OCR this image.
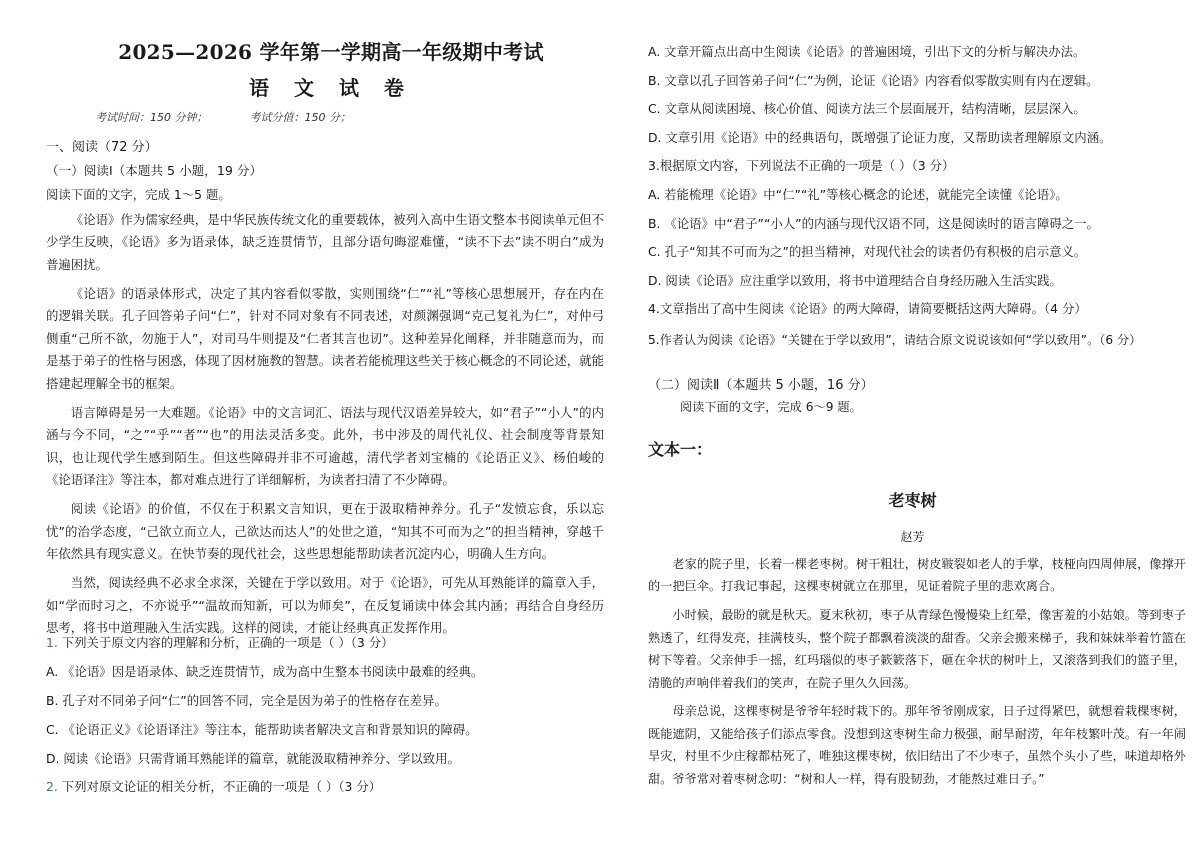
2025—2026 学年第一学期高一年级期中考试
语 文 试 卷
考试时间：150 分钟；	考试分值：150 分；
一、阅读（72 分）
（一）阅读Ⅰ（本题共 5 小题，19 分）
阅读下面的文字，完成 1～5 题。

《论语》作为儒家经典，是中华民族传统文化的重要载体，被列入高中生语文整本书阅读单元但不少学生反映，《论语》多为语录体，缺乏连贯情节，且部分语句晦涩难懂，“读不下去”读不明白”成为普遍困扰。

《论语》的语录体形式，决定了其内容看似零散，实则围绕“仁”“礼”等核心思想展开，存在内在的逻辑关联。孔子回答弟子问“仁”，针对不同对象有不同表述，对颜渊强调“克己复礼为仁”，对仲弓侧重“己所不欲，勿施于人”，对司马牛则提及“仁者其言也讱”。这种差异化阐释，并非随意而为，而是基于弟子的性格与困惑，体现了因材施教的智慧。读者若能梳理这些关于核心概念的不同论述，就能搭建起理解全书的框架。

语言障碍是另一大难题。《论语》中的文言词汇、语法与现代汉语差异较大，如“君子”“小人”的内涵与今不同，“之”“乎”“者”“也”的用法灵活多变。此外，书中涉及的周代礼仪、社会制度等背景知识，也让现代学生感到陌生。但这些障碍并非不可逾越，清代学者刘宝楠的《论语正义》、杨伯峻的《论语译注》等注本，都对难点进行了详细解析，为读者扫清了不少障碍。

阅读《论语》的价值，不仅在于积累文言知识，更在于汲取精神养分。孔子“发愤忘食，乐以忘忧”的治学态度，“己欲立而立人，己欲达而达人”的处世之道，“知其不可而为之”的担当精神，穿越千年依然具有现实意义。在快节奏的现代社会，这些思想能帮助读者沉淀内心，明确人生方向。

当然，阅读经典不必求全求深，关键在于学以致用。对于《论语》，可先从耳熟能详的篇章入手，如“学而时习之，不亦说乎”“温故而知新，可以为师矣”，在反复诵读中体会其内涵；再结合自身经历思考，将书中道理融入生活实践。这样的阅读，才能让经典真正发挥作用。

1. 下列关于原文内容的理解和分析，正确的一项是（ ）（3 分）
A. 《论语》因是语录体、缺乏连贯情节，成为高中生整本书阅读中最难的经典。
B. 孔子对不同弟子问“仁”的回答不同，完全是因为弟子的性格存在差异。
C. 《论语正义》《论语译注》等注本，能帮助读者解决文言和背景知识的障碍。
D. 阅读《论语》只需背诵耳熟能详的篇章，就能汲取精神养分、学以致用。
2. 下列对原文论证的相关分析，不正确的一项是（ ）（3 分）
A. 文章开篇点出高中生阅读《论语》的普遍困境，引出下文的分析与解决办法。
B. 文章以孔子回答弟子问“仁”为例，论证《论语》内容看似零散实则有内在逻辑。
C. 文章从阅读困境、核心价值、阅读方法三个层面展开，结构清晰，层层深入。
D. 文章引用《论语》中的经典语句，既增强了论证力度，又帮助读者理解原文内涵。
3.根据原文内容，下列说法不正确的一项是（ ）（3 分）
A. 若能梳理《论语》中“仁”“礼”等核心概念的论述，就能完全读懂《论语》。
B. 《论语》中“君子”“小人”的内涵与现代汉语不同，这是阅读时的语言障碍之一。
C. 孔子“知其不可而为之”的担当精神，对现代社会的读者仍有积极的启示意义。
D. 阅读《论语》应注重学以致用，将书中道理结合自身经历融入生活实践。
4.文章指出了高中生阅读《论语》的两大障碍，请简要概括这两大障碍。（4 分）
5.作者认为阅读《论语》“关键在于学以致用”，请结合原文说说该如何“学以致用”。（6 分）
（二）阅读Ⅱ（本题共 5 小题，16 分）
阅读下面的文字，完成 6～9 题。
文本一：
老枣树
赵芳

老家的院子里，长着一棵老枣树。树干粗壮，树皮皲裂如老人的手掌，枝桠向四周伸展，像撑开的一把巨伞。打我记事起，这棵枣树就立在那里，见证着院子里的悲欢离合。

小时候，最盼的就是秋天。夏末秋初，枣子从青绿色慢慢染上红晕，像害羞的小姑娘。等到枣子熟透了，红得发亮，挂满枝头，整个院子都飘着淡淡的甜香。父亲会搬来梯子，我和妹妹举着竹篮在树下等着。父亲伸手一摇，红玛瑙似的枣子簌簌落下，砸在伞状的树叶上，又滚落到我们的篮子里，清脆的声响伴着我们的笑声，在院子里久久回荡。

母亲总说，这棵枣树是爷爷年轻时栽下的。那年爷爷刚成家，日子过得紧巴，就想着栽棵枣树，既能遮阴，又能给孩子们添点零食。没想到这枣树生命力极强，耐旱耐涝，年年枝繁叶茂。有一年闹旱灾，村里不少庄稼都枯死了，唯独这棵枣树，依旧结出了不少枣子，虽然个头小了些，味道却格外甜。爷爷常对着枣树念叨：“树和人一样，得有股韧劲，才能熬过难日子。”
